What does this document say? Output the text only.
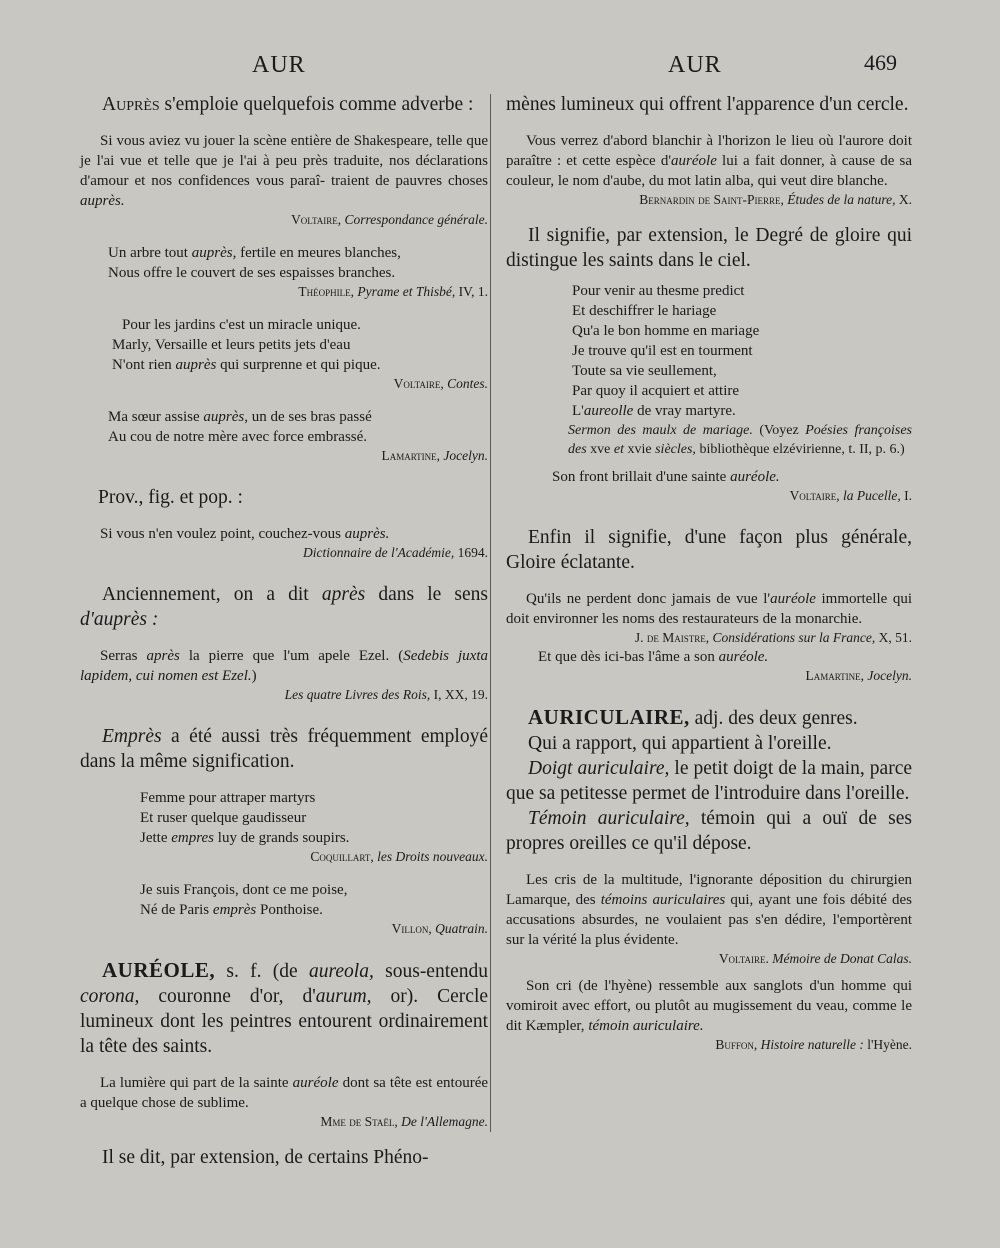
AUR	AUR	469

Auprès s'emploie quelquefois comme adverbe :

Si vous aviez vu jouer la scène entière de Shakespeare, telle que je l'ai vue et telle que je l'ai à peu près traduite, nos déclarations d'amour et nos confidences vous paraî- traient de pauvres choses auprès.

Voltaire, Correspondance générale.

Un arbre tout auprès, fertile en meures blanches,
Nous offre le couvert de ses espaisses branches.

Théophile, Pyrame et Thisbé, IV, 1.

Pour les jardins c'est un miracle unique.
Marly, Versaille et leurs petits jets d'eau
N'ont rien auprès qui surprenne et qui pique.

Voltaire, Contes.

Ma sœur assise auprès, un de ses bras passé
Au cou de notre mère avec force embrassé.

Lamartine, Jocelyn.

Prov., fig. et pop. :

Si vous n'en voulez point, couchez-vous auprès.

Dictionnaire de l'Académie, 1694.

Anciennement, on a dit après dans le sens d'auprès :

Serras après la pierre que l'um apele Ezel. (Sedebis juxta lapidem, cui nomen est Ezel.)

Les quatre Livres des Rois, I, XX, 19.

Emprès a été aussi très fréquemment employé dans la même signification.

Femme pour attraper martyrs
Et ruser quelque gaudisseur
Jette empres luy de grands soupirs.

Coquillart, les Droits nouveaux.

Je suis François, dont ce me poise,
Né de Paris emprès Ponthoise.

Villon, Quatrain.

AURÉOLE, s. f. (de aureola, sous-entendu corona, couronne d'or, d'aurum, or). Cercle lumineux dont les peintres entourent ordinairement la tête des saints.

La lumière qui part de la sainte auréole dont sa tête est entourée a quelque chose de sublime.

Mme de Staël, De l'Allemagne.

Il se dit, par extension, de certains Phéno-

mènes lumineux qui offrent l'apparence d'un cercle.

Vous verrez d'abord blanchir à l'horizon le lieu où l'aurore doit paraître : et cette espèce d'auréole lui a fait donner, à cause de sa couleur, le nom d'aube, du mot latin alba, qui veut dire blanche.

Bernardin de Saint-Pierre, Études de la nature, X.

Il signifie, par extension, le Degré de gloire qui distingue les saints dans le ciel.

Pour venir au thesme predict
Et deschiffrer le hariage
Qu'a le bon homme en mariage
Je trouve qu'il est en tourment
Toute sa vie seullement,
Par quoy il acquiert et attire
L'aureolle de vray martyre.

Sermon des maulx de mariage. (Voyez Poésies françoises des xve et xvie siècles, bibliothèque elzévirienne, t. II, p. 6.)

Son front brillait d'une sainte auréole.

Voltaire, la Pucelle, I.

Enfin il signifie, d'une façon plus générale, Gloire éclatante.

Qu'ils ne perdent donc jamais de vue l'auréole immortelle qui doit environner les noms des restaurateurs de la monarchie.

J. de Maistre, Considérations sur la France, X, 51.

Et que dès ici-bas l'âme a son auréole.

Lamartine, Jocelyn.

AURICULAIRE, adj. des deux genres.

Qui a rapport, qui appartient à l'oreille.

Doigt auriculaire, le petit doigt de la main, parce que sa petitesse permet de l'introduire dans l'oreille.

Témoin auriculaire, témoin qui a ouï de ses propres oreilles ce qu'il dépose.

Les cris de la multitude, l'ignorante déposition du chirurgien Lamarque, des témoins auriculaires qui, ayant une fois débité des accusations absurdes, ne voulaient pas s'en dédire, l'emportèrent sur la vérité la plus évidente.

Voltaire. Mémoire de Donat Calas.

Son cri (de l'hyène) ressemble aux sanglots d'un homme qui vomiroit avec effort, ou plutôt au mugissement du veau, comme le dit Kæmpler, témoin auriculaire.

Buffon, Histoire naturelle : l'Hyène.
